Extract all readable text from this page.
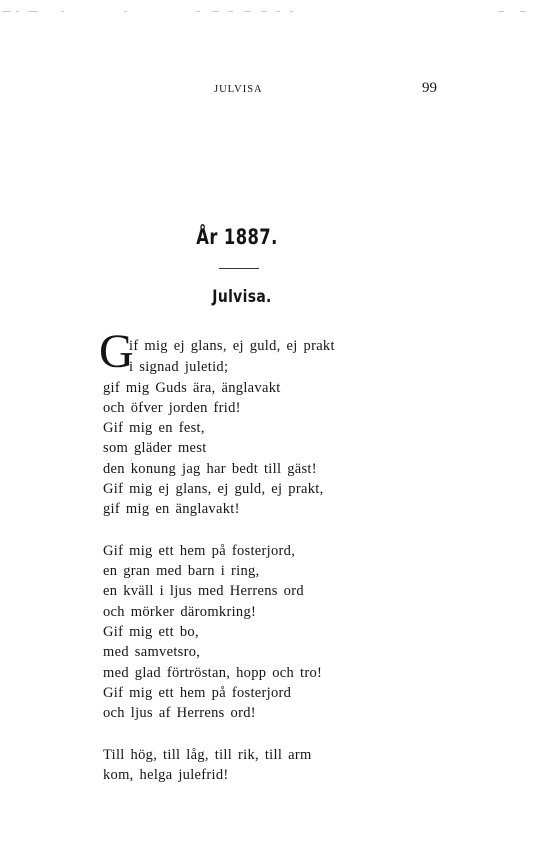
JULVISA	99
År 1887.
Julvisa.
G
if mig ej glans, ej guld, ej prakt
i signad juletid;
gif mig Guds ära, änglavakt
och öfver jorden frid!
Gif mig en fest,
som gläder mest
den konung jag har bedt till gäst!
Gif mig ej glans, ej guld, ej prakt,
gif mig en änglavakt!
Gif mig ett hem på fosterjord,
en gran med barn i ring,
en kväll i ljus med Herrens ord
och mörker däromkring!
Gif mig ett bo,
med samvetsro,
med glad förtröstan, hopp och tro!
Gif mig ett hem på fosterjord
och ljus af Herrens ord!
Till hög, till låg, till rik, till arm
kom, helga julefrid!
